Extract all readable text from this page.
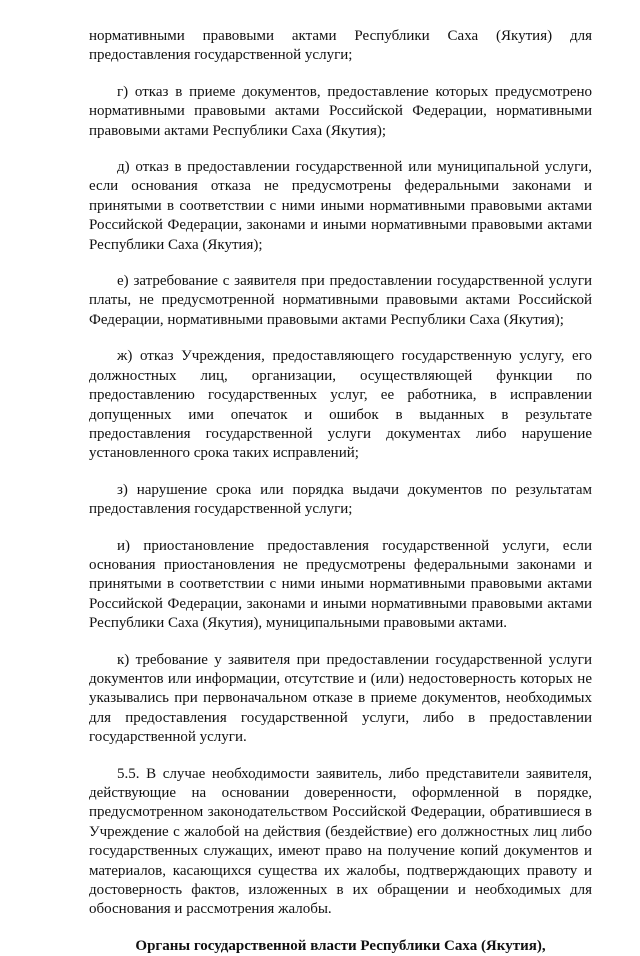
нормативными правовыми актами Республики Саха (Якутия) для предоставления государственной услуги;

г) отказ в приеме документов, предоставление которых предусмотрено нормативными правовыми актами Российской Федерации, нормативными правовыми актами Республики Саха (Якутия);

д) отказ в предоставлении государственной или муниципальной услуги, если основания отказа не предусмотрены федеральными законами и принятыми в соответствии с ними иными нормативными правовыми актами Российской Федерации, законами и иными нормативными правовыми актами Республики Саха (Якутия);

е) затребование с заявителя при предоставлении государственной услуги платы, не предусмотренной нормативными правовыми актами Российской Федерации, нормативными правовыми актами Республики Саха (Якутия);

ж) отказ Учреждения, предоставляющего государственную услугу, его должностных лиц, организации, осуществляющей функции по предоставлению государственных услуг, ее работника, в исправлении допущенных ими опечаток и ошибок в выданных в результате предоставления государственной услуги документах либо нарушение установленного срока таких исправлений;

з) нарушение срока или порядка выдачи документов по результатам предоставления государственной услуги;

и) приостановление предоставления государственной услуги, если основания приостановления не предусмотрены федеральными законами и принятыми в соответствии с ними иными нормативными правовыми актами Российской Федерации, законами и иными нормативными правовыми актами Республики Саха (Якутия), муниципальными правовыми актами.

к) требование у заявителя при предоставлении государственной услуги документов или информации, отсутствие и (или) недостоверность которых не указывались при первоначальном отказе в приеме документов, необходимых для предоставления государственной услуги, либо в предоставлении государственной услуги.

5.5. В случае необходимости заявитель, либо представители заявителя, действующие на основании доверенности, оформленной в порядке, предусмотренном законодательством Российской Федерации, обратившиеся в Учреждение с жалобой на действия (бездействие) его должностных лиц либо государственных служащих, имеют право на получение копий документов и материалов, касающихся существа их жалобы, подтверждающих правоту и достоверность фактов, изложенных в их обращении и необходимых для обоснования и рассмотрения жалобы.

Органы государственной власти Республики Саха (Якутия),
